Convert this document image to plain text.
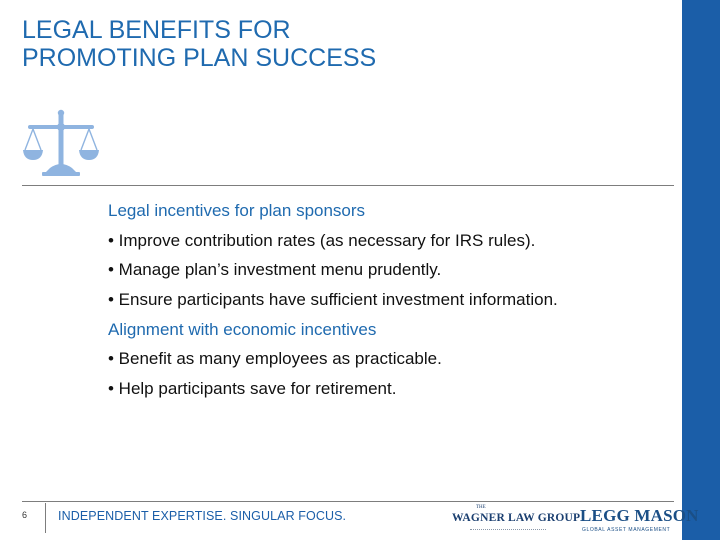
LEGAL BENEFITS FOR
PROMOTING PLAN SUCCESS
Legal incentives for plan sponsors
• Improve contribution rates (as necessary for IRS rules).
• Manage plan’s investment menu prudently.
• Ensure participants have sufficient investment information.
Alignment with economic incentives
• Benefit as many employees as practicable.
• Help participants save for retirement.
6 INDEPENDENT EXPERTISE. SINGULAR FOCUS.
THE
WAGNER LAW GROUP LEGG MASON
GLOBAL ASSET MANAGEMENT
